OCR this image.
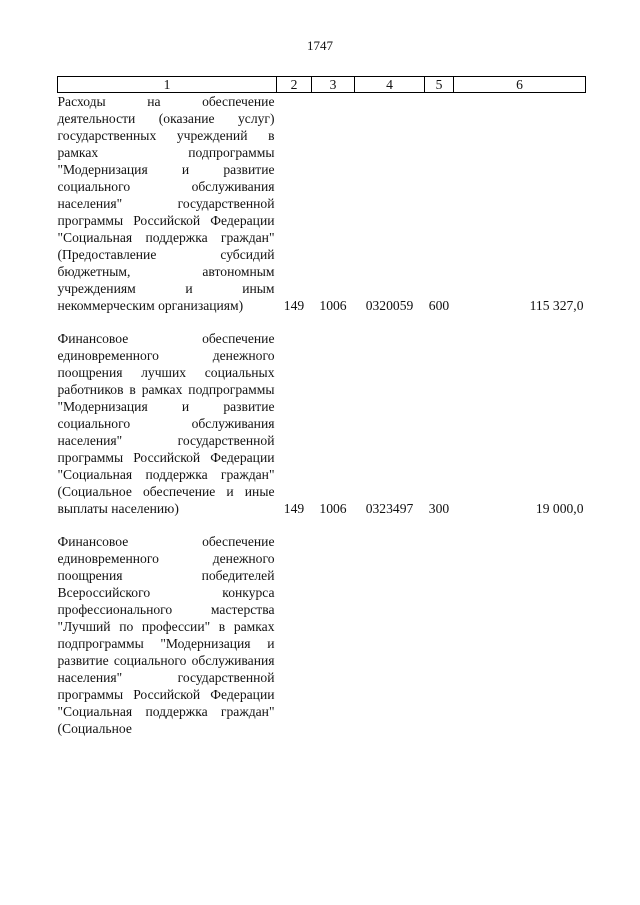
1747
1	2	3	4	5	6
Расходы на обеспечение деятельности (оказание услуг) государственных учреждений в рамках подпрограммы "Модернизация и развитие социального обслуживания населения" государственной программы Российской Федерации "Социальная поддержка граждан" (Предоставление субсидий бюджетным, автономным учреждениям и иным некоммерческим организациям)	149	1006	0320059	600	115 327,0

Финансовое обеспечение единовременного денежного поощрения лучших социальных работников в рамках подпрограммы "Модернизация и развитие социального обслуживания населения" государственной программы Российской Федерации "Социальная поддержка граждан" (Социальное обеспечение и иные выплаты населению)	149	1006	0323497	300	19 000,0

Финансовое обеспечение единовременного денежного поощрения победителей Всероссийского конкурса профессионального мастерства "Лучший по профессии" в рамках подпрограммы "Модернизация и развитие социального обслуживания населения" государственной программы Российской Федерации "Социальная поддержка граждан" (Социальное					
